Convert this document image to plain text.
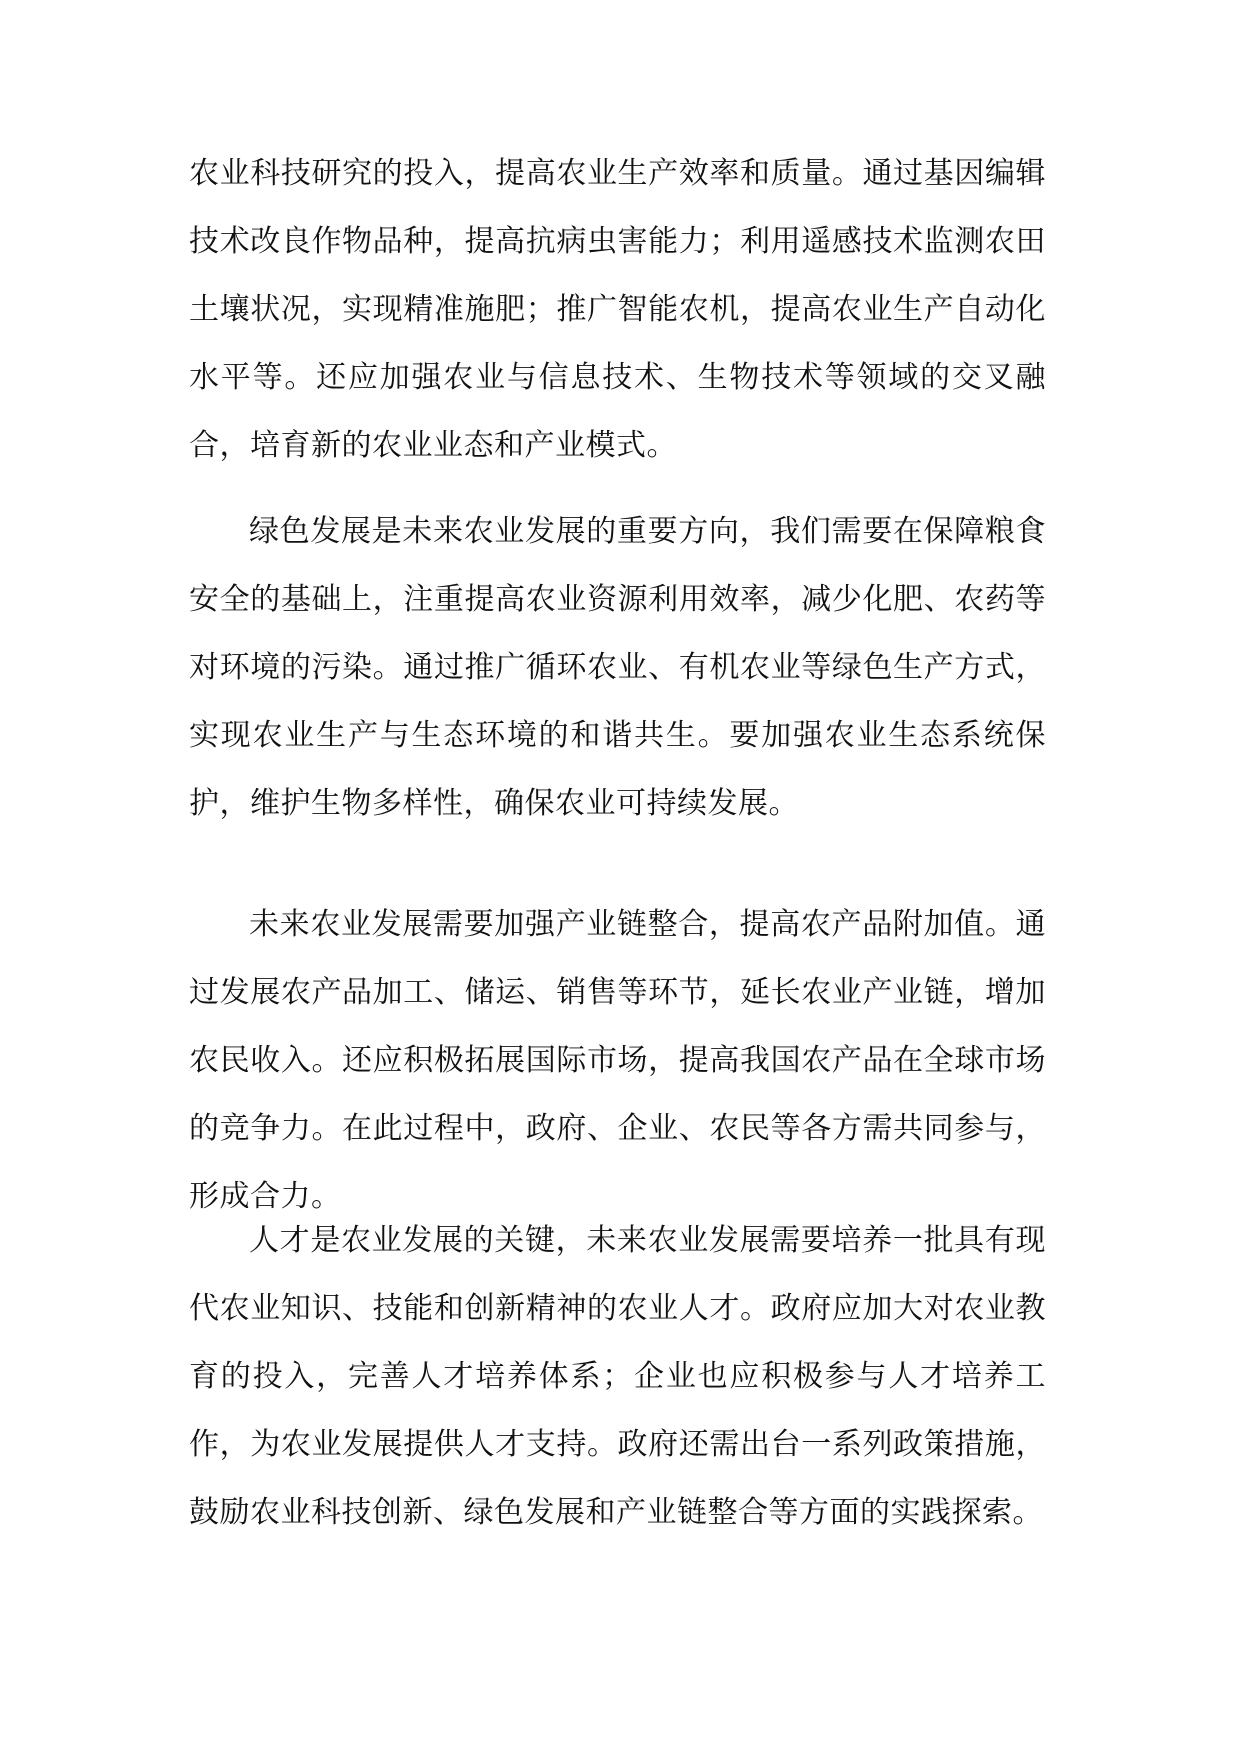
农业科技研究的投入，提高农业生产效率和质量。通过基因编辑技术改良作物品种，提高抗病虫害能力；利用遥感技术监测农田土壤状况，实现精准施肥；推广智能农机，提高农业生产自动化水平等。还应加强农业与信息技术、生物技术等领域的交叉融合，培育新的农业业态和产业模式。

绿色发展是未来农业发展的重要方向，我们需要在保障粮食安全的基础上，注重提高农业资源利用效率，减少化肥、农药等对环境的污染。通过推广循环农业、有机农业等绿色生产方式，实现农业生产与生态环境的和谐共生。要加强农业生态系统保护，维护生物多样性，确保农业可持续发展。

未来农业发展需要加强产业链整合，提高农产品附加值。通过发展农产品加工、储运、销售等环节，延长农业产业链，增加农民收入。还应积极拓展国际市场，提高我国农产品在全球市场的竞争力。在此过程中，政府、企业、农民等各方需共同参与，形成合力。

人才是农业发展的关键，未来农业发展需要培养一批具有现代农业知识、技能和创新精神的农业人才。政府应加大对农业教育的投入，完善人才培养体系；企业也应积极参与人才培养工作，为农业发展提供人才支持。政府还需出台一系列政策措施，鼓励农业科技创新、绿色发展和产业链整合等方面的实践探索。
